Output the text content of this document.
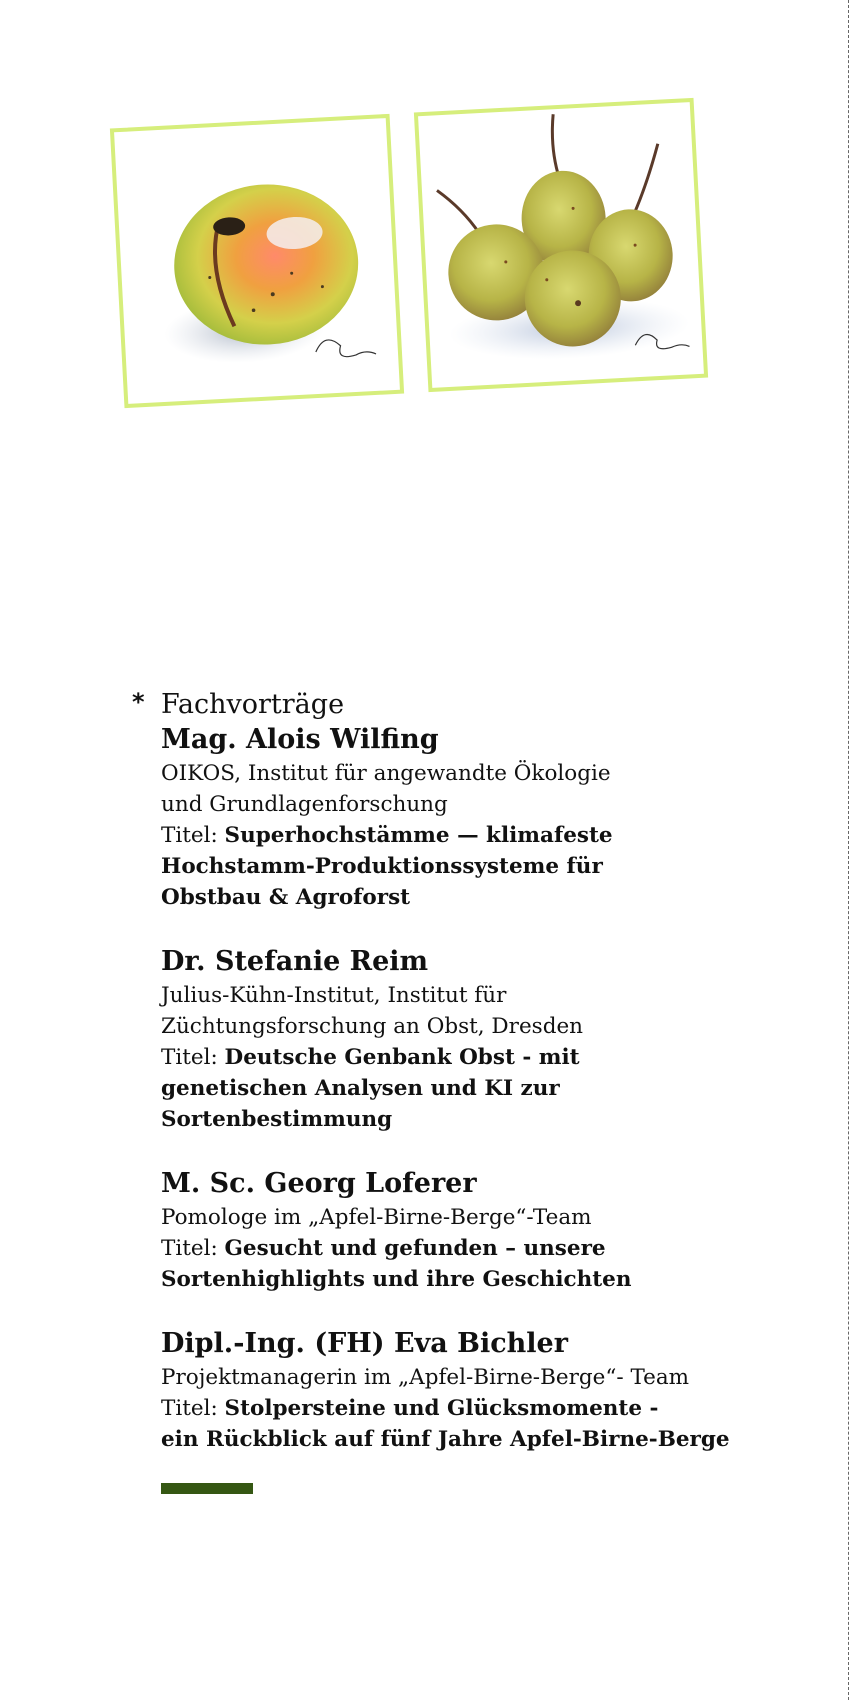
* Fachvorträge

Mag. Alois Wilfing
OIKOS, Institut für angewandte Ökologie
und Grundlagenforschung
Titel: Superhochstämme — klimafeste
Hochstamm-Produktionssysteme für
Obstbau & Agroforst
Dr. Stefanie Reim
Julius-Kühn-Institut, Institut für
Züchtungsforschung an Obst, Dresden
Titel: Deutsche Genbank Obst - mit
genetischen Analysen und KI zur
Sortenbestimmung
M. Sc. Georg Loferer
Pomologe im „Apfel-Birne-Berge“-Team
Titel: Gesucht und gefunden – unsere
Sortenhighlights und ihre Geschichten
Dipl.-Ing. (FH) Eva Bichler
Projektmanagerin im „Apfel-Birne-Berge“- Team
Titel: Stolpersteine und Glücksmomente -
ein Rückblick auf fünf Jahre Apfel-Birne-Berge
